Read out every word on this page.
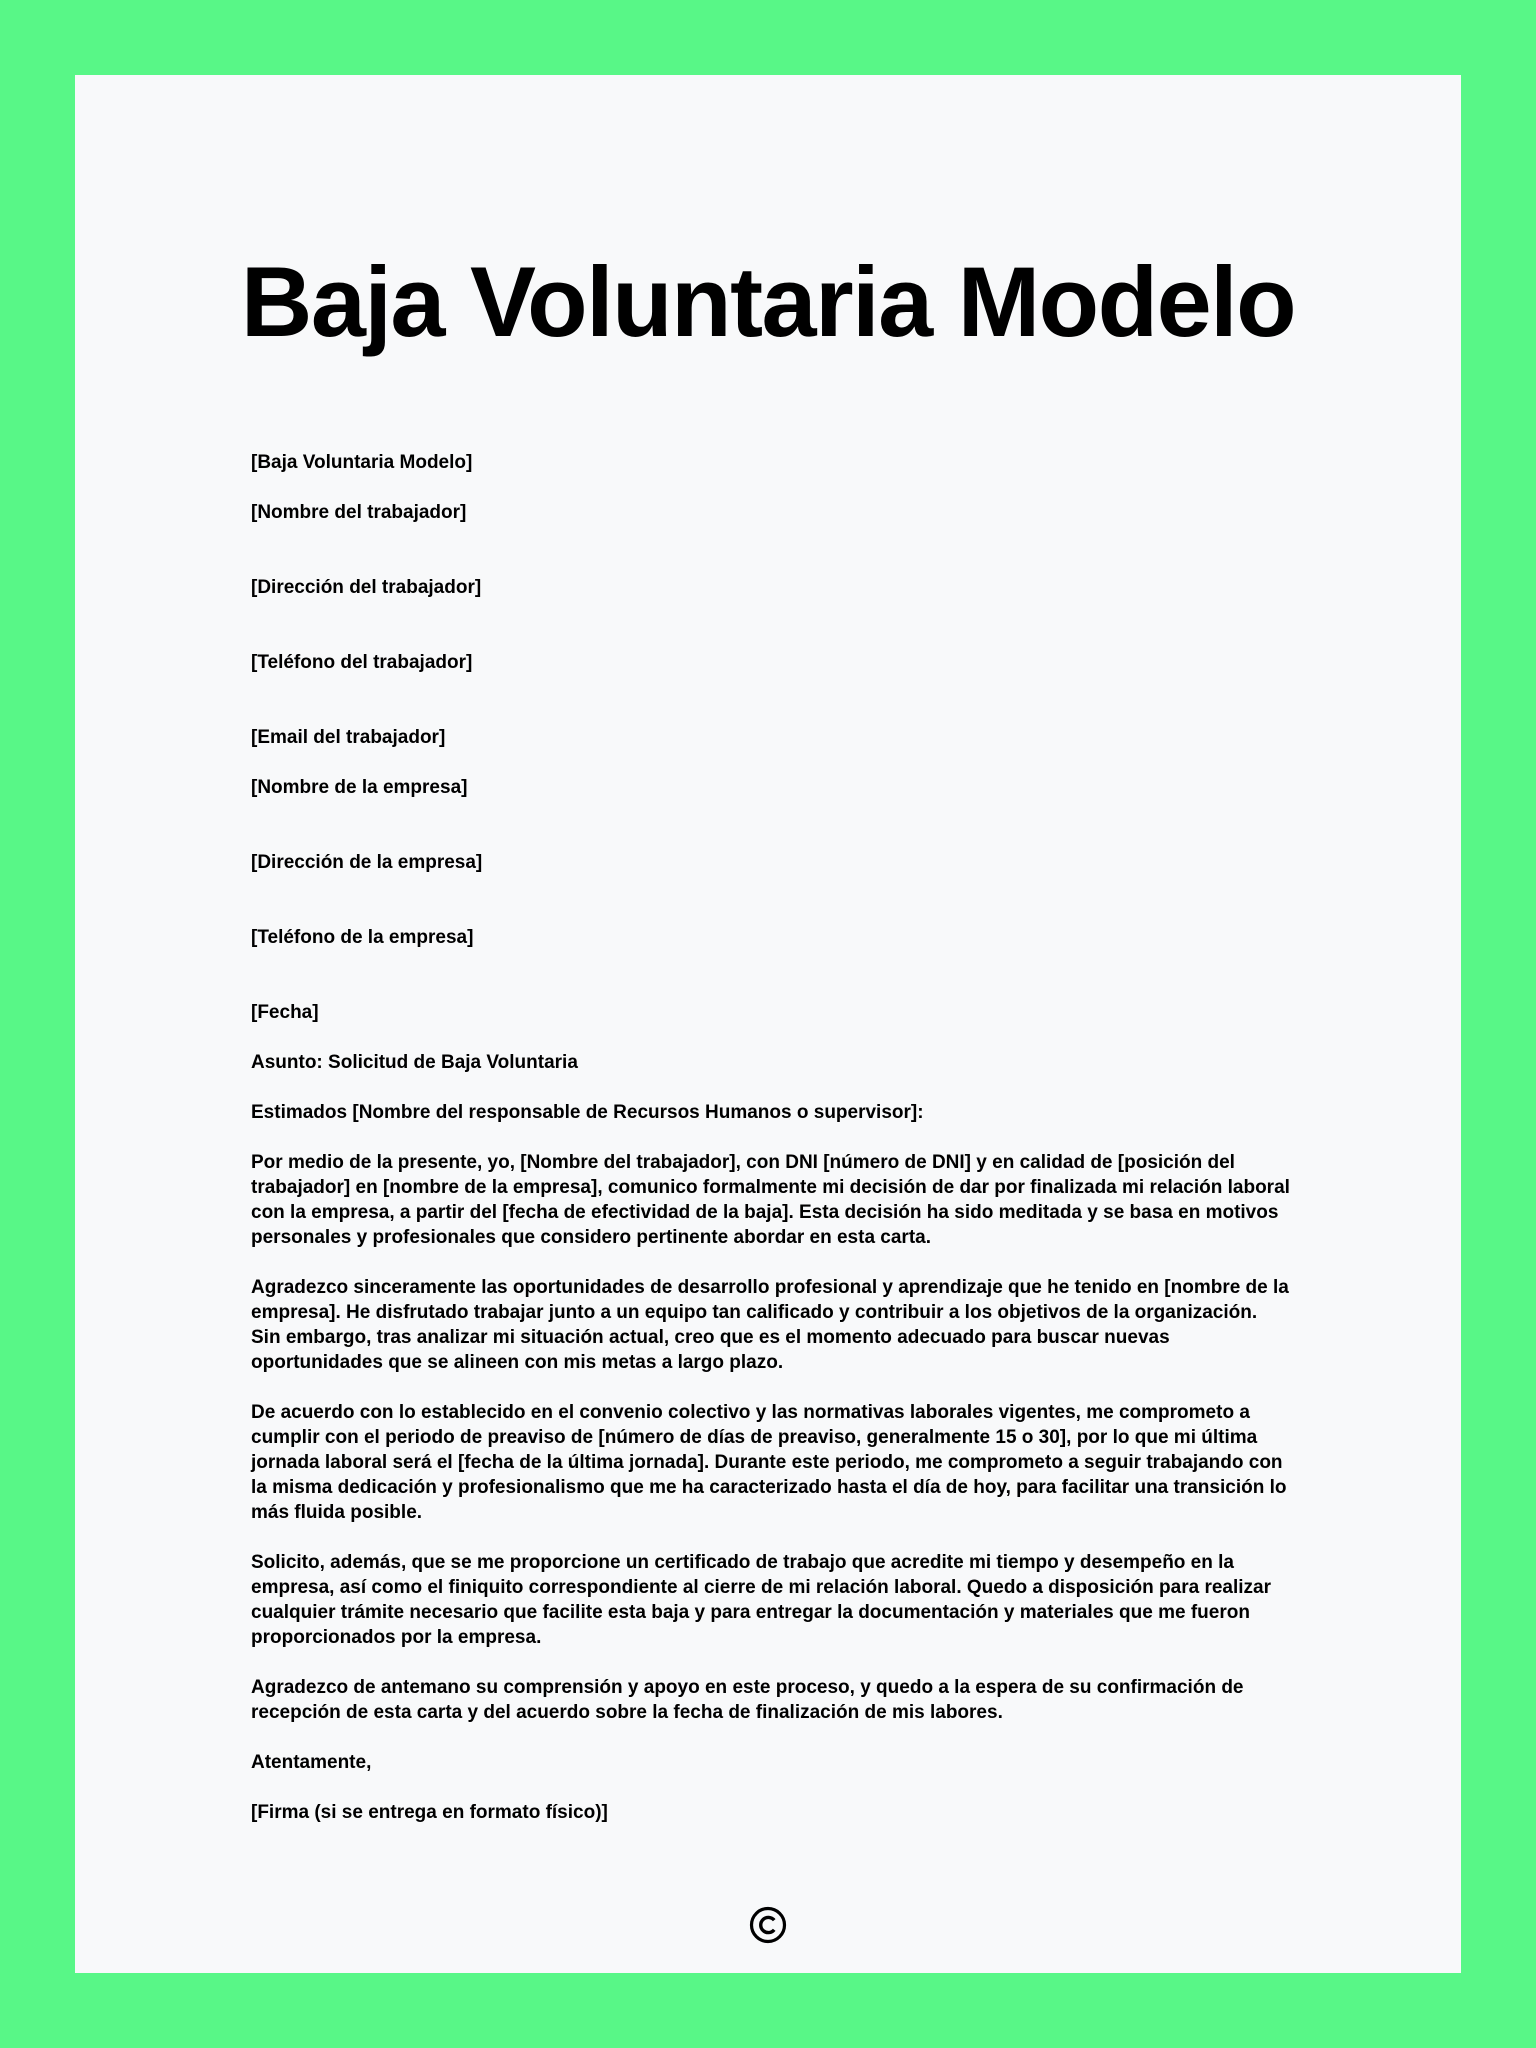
Baja Voluntaria Modelo

[Baja Voluntaria Modelo]

[Nombre del trabajador]

[Dirección del trabajador]

[Teléfono del trabajador]

[Email del trabajador]

[Nombre de la empresa]

[Dirección de la empresa]

[Teléfono de la empresa]

[Fecha]

Asunto: Solicitud de Baja Voluntaria

Estimados [Nombre del responsable de Recursos Humanos o supervisor]:

Por medio de la presente, yo, [Nombre del trabajador], con DNI [número de DNI] y en calidad de [posición del trabajador] en [nombre de la empresa], comunico formalmente mi decisión de dar por finalizada mi relación laboral con la empresa, a partir del [fecha de efectividad de la baja]. Esta decisión ha sido meditada y se basa en motivos personales y profesionales que considero pertinente abordar en esta carta.

Agradezco sinceramente las oportunidades de desarrollo profesional y aprendizaje que he tenido en [nombre de la empresa]. He disfrutado trabajar junto a un equipo tan calificado y contribuir a los objetivos de la organización. Sin embargo, tras analizar mi situación actual, creo que es el momento adecuado para buscar nuevas oportunidades que se alineen con mis metas a largo plazo.

De acuerdo con lo establecido en el convenio colectivo y las normativas laborales vigentes, me comprometo a cumplir con el periodo de preaviso de [número de días de preaviso, generalmente 15 o 30], por lo que mi última jornada laboral será el [fecha de la última jornada]. Durante este periodo, me comprometo a seguir trabajando con la misma dedicación y profesionalismo que me ha caracterizado hasta el día de hoy, para facilitar una transición lo más fluida posible.

Solicito, además, que se me proporcione un certificado de trabajo que acredite mi tiempo y desempeño en la empresa, así como el finiquito correspondiente al cierre de mi relación laboral. Quedo a disposición para realizar cualquier trámite necesario que facilite esta baja y para entregar la documentación y materiales que me fueron proporcionados por la empresa.

Agradezco de antemano su comprensión y apoyo en este proceso, y quedo a la espera de su confirmación de recepción de esta carta y del acuerdo sobre la fecha de finalización de mis labores.

Atentamente,

[Firma (si se entrega en formato físico)]
